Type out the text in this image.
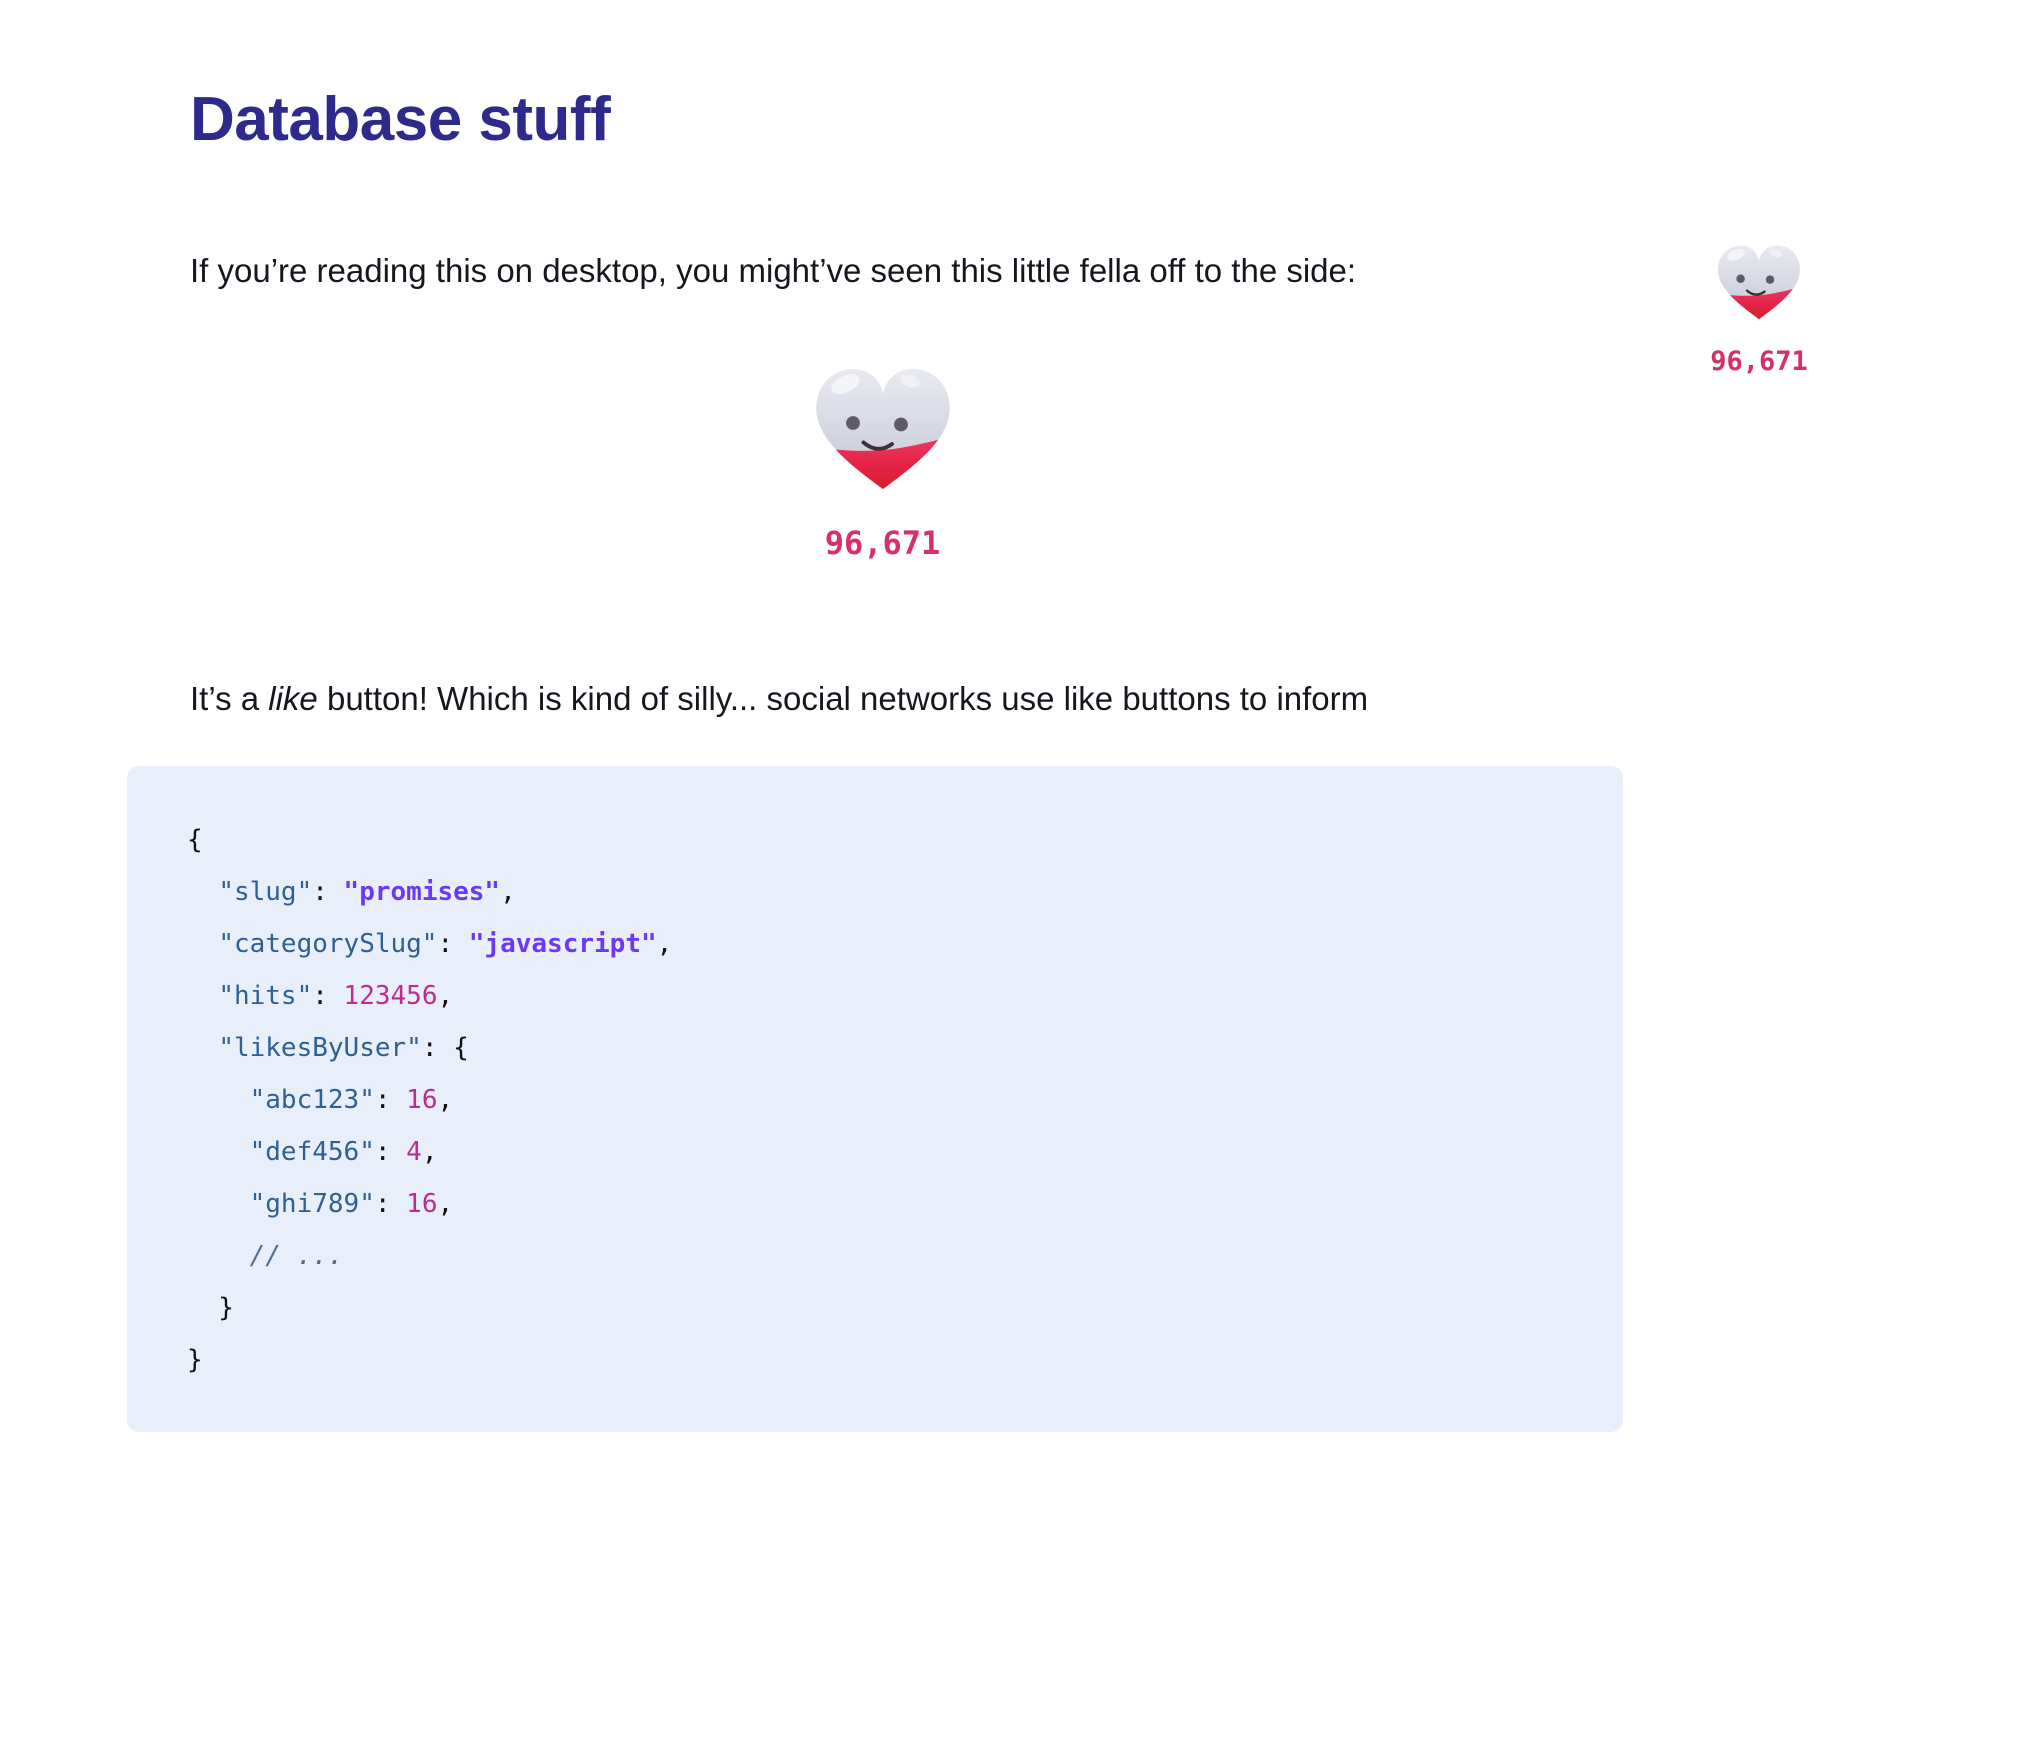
Database stuff
If you’re reading this on desktop, you might’ve seen this little fella off to the side:
96,671
It’s a like button! Which is kind of silly... social networks use like buttons to inform
{
"slug": "promises",
"categorySlug": "javascript",
"hits": 123456,
"likesByUser": {
"abc123": 16,
"def456": 4,
"ghi789": 16,
// ...
}
}
96,671
